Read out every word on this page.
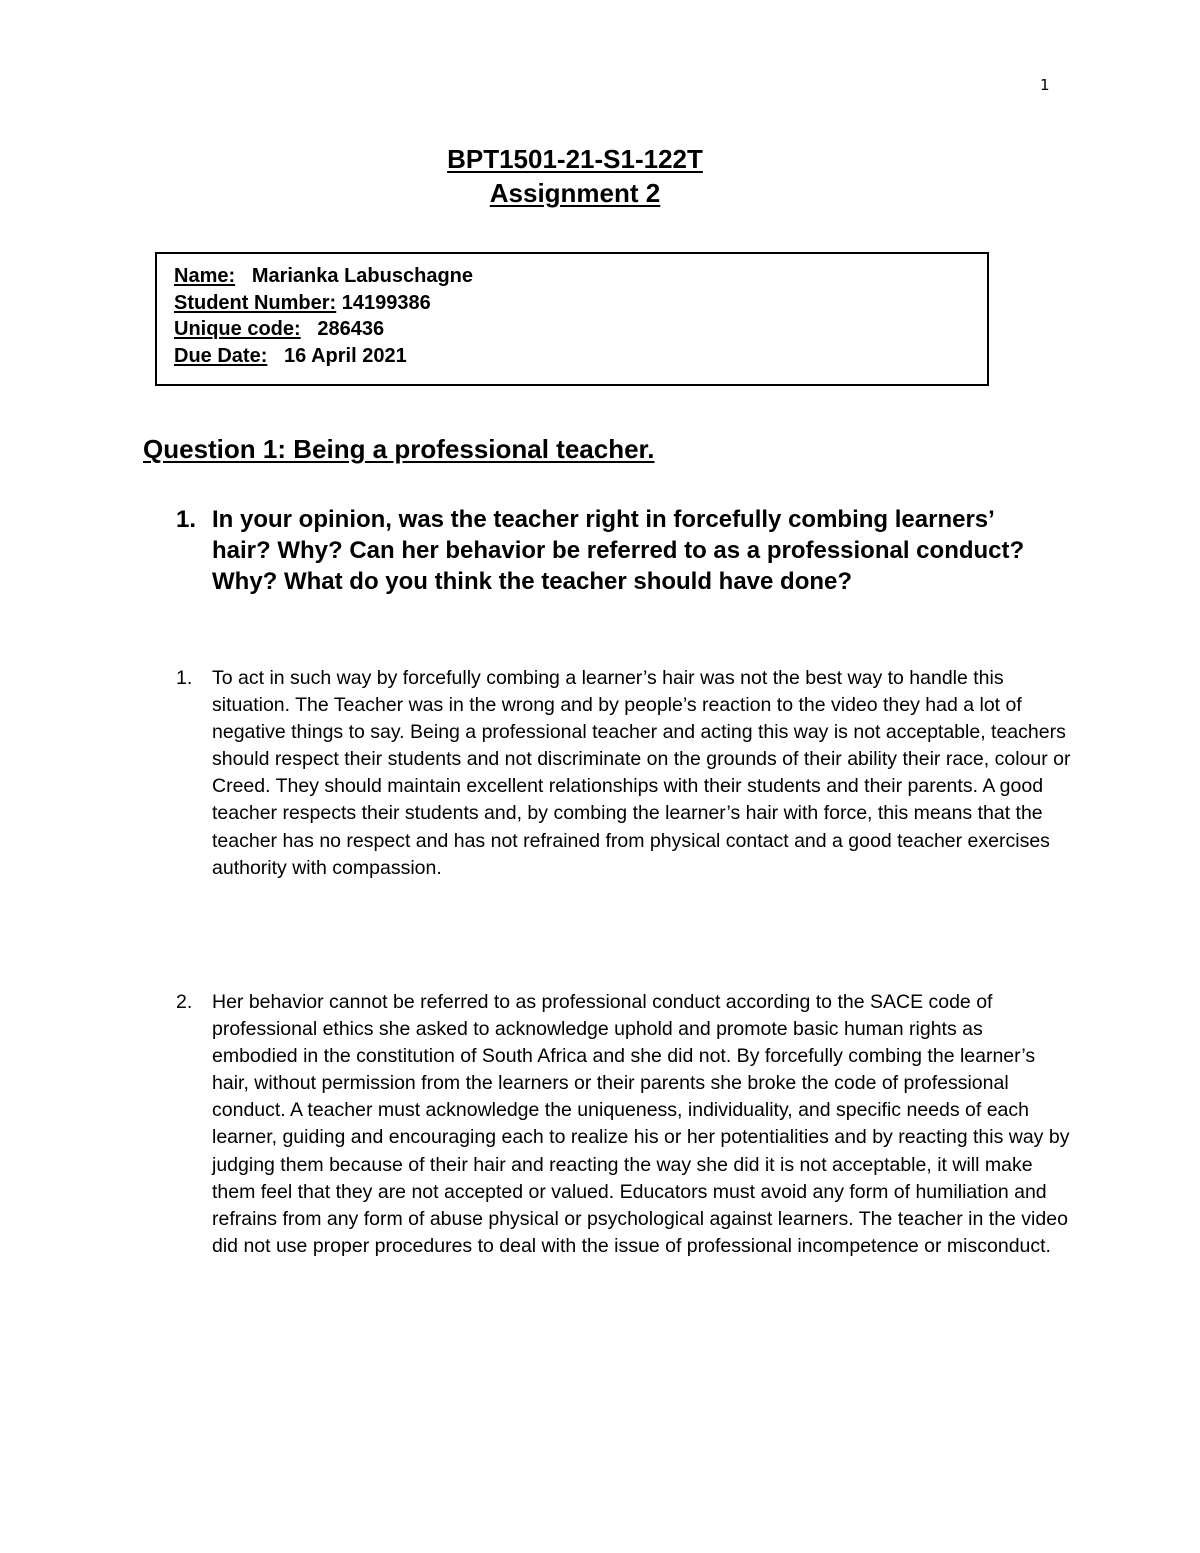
1
BPT1501-21-S1-122T
Assignment 2
Name: Marianka Labuschagne
Student Number: 14199386
Unique code: 286436
Due Date: 16 April 2021
Question 1: Being a professional teacher.
1. In your opinion, was the teacher right in forcefully combing learners’ hair? Why? Can her behavior be referred to as a professional conduct? Why? What do you think the teacher should have done?
1. To act in such way by forcefully combing a learner’s hair was not the best way to handle this situation. The Teacher was in the wrong and by people’s reaction to the video they had a lot of negative things to say. Being a professional teacher and acting this way is not acceptable, teachers should respect their students and not discriminate on the grounds of their ability their race, colour or Creed. They should maintain excellent relationships with their students and their parents. A good teacher respects their students and, by combing the learner’s hair with force, this means that the teacher has no respect and has not refrained from physical contact and a good teacher exercises authority with compassion.
2. Her behavior cannot be referred to as professional conduct according to the SACE code of professional ethics she asked to acknowledge uphold and promote basic human rights as embodied in the constitution of South Africa and she did not. By forcefully combing the learner’s hair, without permission from the learners or their parents she broke the code of professional conduct. A teacher must acknowledge the uniqueness, individuality, and specific needs of each learner, guiding and encouraging each to realize his or her potentialities and by reacting this way by judging them because of their hair and reacting the way she did it is not acceptable, it will make them feel that they are not accepted or valued. Educators must avoid any form of humiliation and refrains from any form of abuse physical or psychological against learners. The teacher in the video did not use proper procedures to deal with the issue of professional incompetence or misconduct.
